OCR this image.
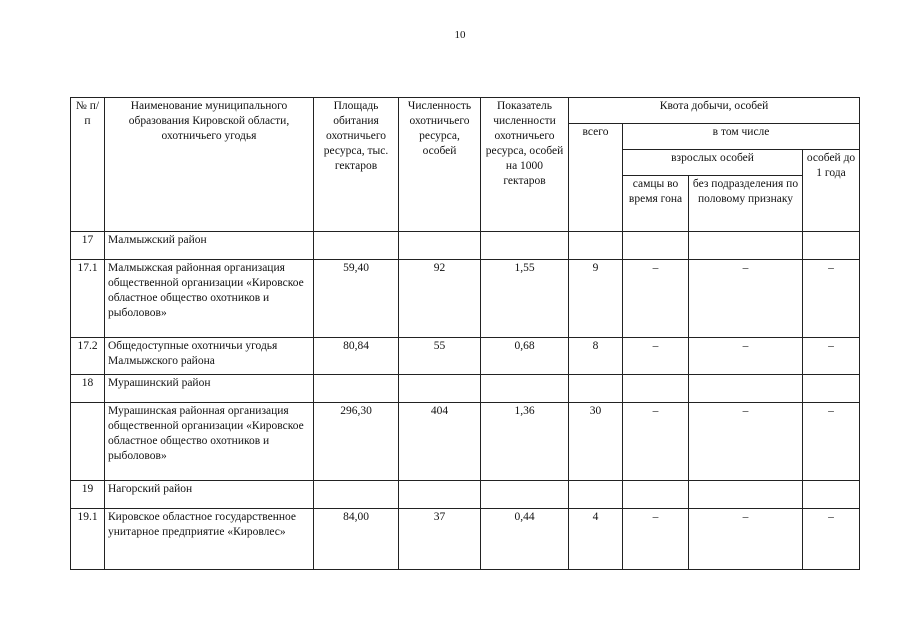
10
№ п/п	Наименование муниципального образования Кировской области, охотничьего угодья	Площадь обитания охотничьего ресурса, тыс. гектаров	Численность охотничьего ресурса, особей	Показатель численности охотничьего ресурса, особей на 1000 гектаров	Квота добычи, особей			
					всего	в том числе		
						взрослых особей		особей до 1 года
						самцы во время гона	без подразделения по половому признаку	
17	Малмыжский район							
17.1	Малмыжская районная организация общественной организации «Кировское областное общество охотников и рыболовов»	59,40	92	1,55	9	–	–	–
17.2	Общедоступные охотничьи угодья Малмыжского района	80,84	55	0,68	8	–	–	–
18	Мурашинский район							
	Мурашинская районная организация общественной организации «Кировское областное общество охотников и рыболовов»	296,30	404	1,36	30	–	–	–
19	Нагорский район							
19.1	Кировское областное государственное унитарное предприятие «Кировлес»	84,00	37	0,44	4	–	–	–
